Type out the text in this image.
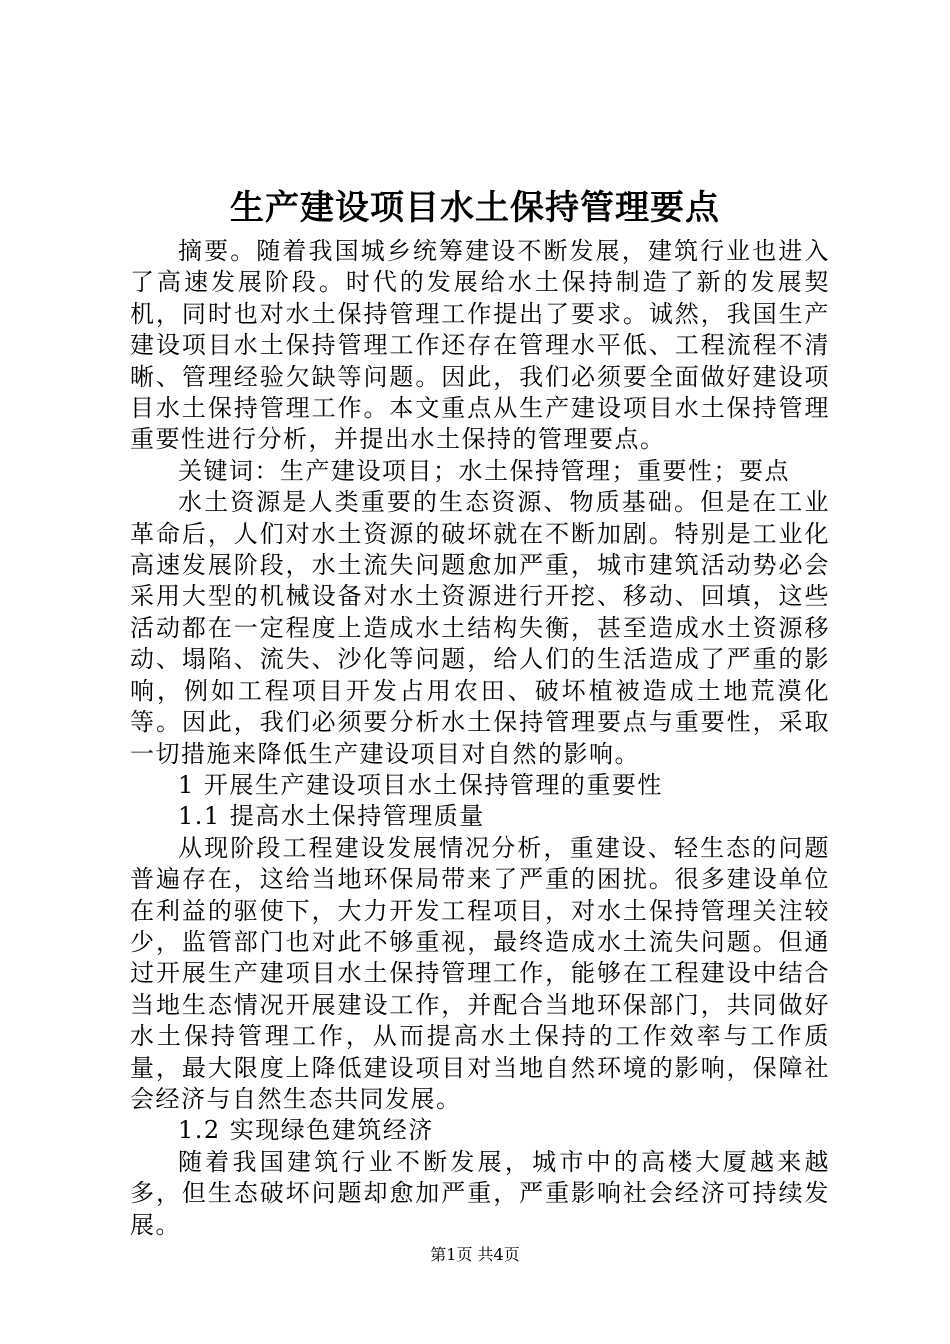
生产建设项目水土保持管理要点

摘要。随着我国城乡统筹建设不断发展，建筑行业也进入了高速发展阶段。时代的发展给水土保持制造了新的发展契机，同时也对水土保持管理工作提出了要求。诚然，我国生产建设项目水土保持管理工作还存在管理水平低、工程流程不清晰、管理经验欠缺等问题。因此，我们必须要全面做好建设项目水土保持管理工作。本文重点从生产建设项目水土保持管理重要性进行分析，并提出水土保持的管理要点。

关键词：生产建设项目；水土保持管理；重要性；要点

水土资源是人类重要的生态资源、物质基础。但是在工业革命后，人们对水土资源的破坏就在不断加剧。特别是工业化高速发展阶段，水土流失问题愈加严重，城市建筑活动势必会采用大型的机械设备对水土资源进行开挖、移动、回填，这些活动都在一定程度上造成水土结构失衡，甚至造成水土资源移动、塌陷、流失、沙化等问题，给人们的生活造成了严重的影响，例如工程项目开发占用农田、破坏植被造成土地荒漠化等。因此，我们必须要分析水土保持管理要点与重要性，采取一切措施来降低生产建设项目对自然的影响。

1 开展生产建设项目水土保持管理的重要性

1.1 提高水土保持管理质量

从现阶段工程建设发展情况分析，重建设、轻生态的问题普遍存在，这给当地环保局带来了严重的困扰。很多建设单位在利益的驱使下，大力开发工程项目，对水土保持管理关注较少，监管部门也对此不够重视，最终造成水土流失问题。但通过开展生产建项目水土保持管理工作，能够在工程建设中结合当地生态情况开展建设工作，并配合当地环保部门，共同做好水土保持管理工作，从而提高水土保持的工作效率与工作质量，最大限度上降低建设项目对当地自然环境的影响，保障社会经济与自然生态共同发展。

1.2 实现绿色建筑经济

随着我国建筑行业不断发展，城市中的高楼大厦越来越多，但生态破坏问题却愈加严重，严重影响社会经济可持续发展。

第1页 共4页
